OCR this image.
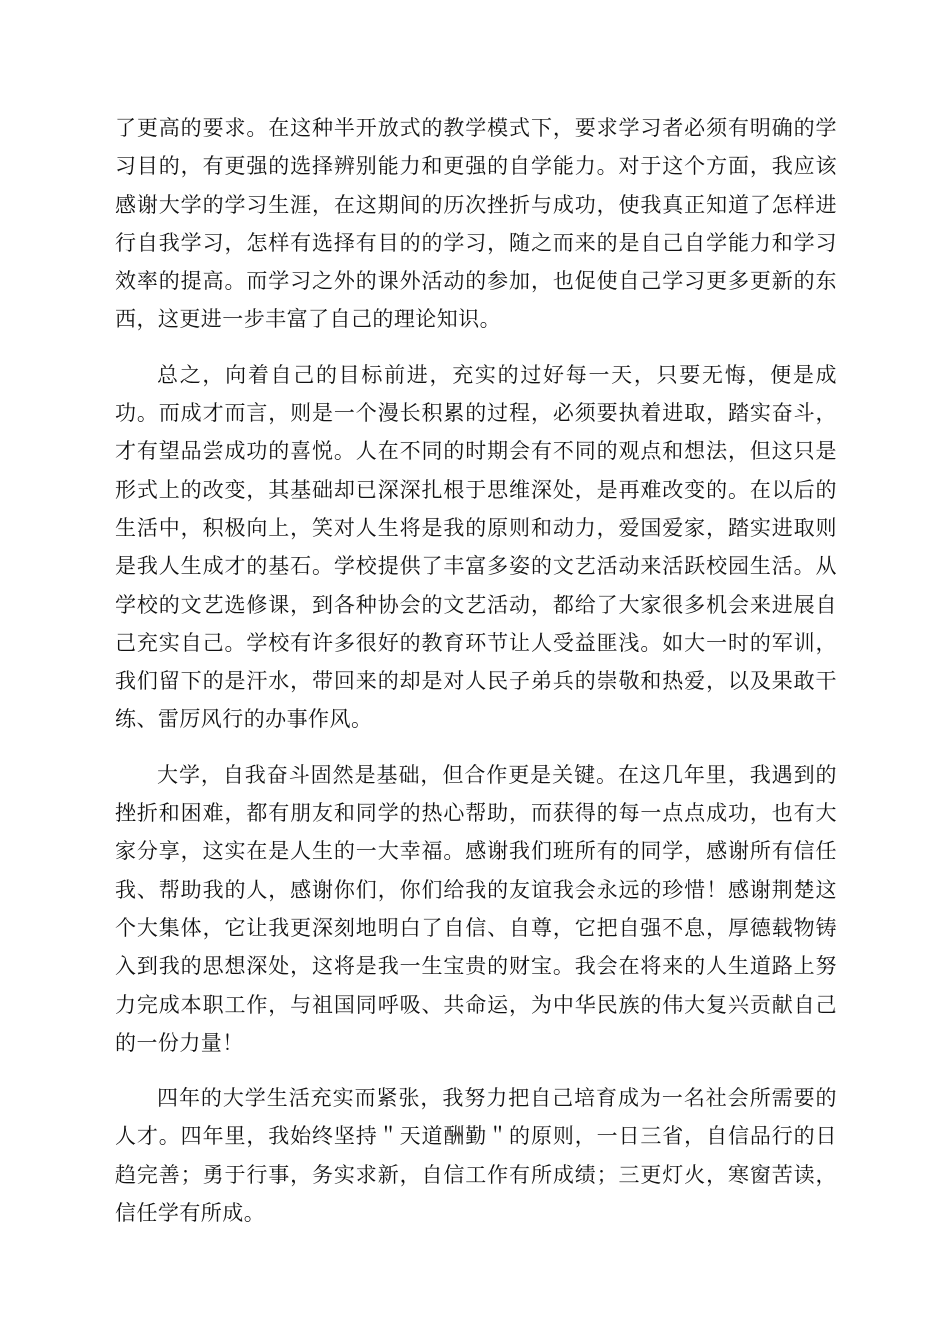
了更高的要求。在这种半开放式的教学模式下，要求学习者必须有明确的学习目的，有更强的选择辨别能力和更强的自学能力。对于这个方面，我应该感谢大学的学习生涯，在这期间的历次挫折与成功，使我真正知道了怎样进行自我学习，怎样有选择有目的的学习，随之而来的是自己自学能力和学习效率的提高。而学习之外的课外活动的参加，也促使自己学习更多更新的东西，这更进一步丰富了自己的理论知识。

总之，向着自己的目标前进，充实的过好每一天，只要无悔，便是成功。而成才而言，则是一个漫长积累的过程，必须要执着进取，踏实奋斗，才有望品尝成功的喜悦。人在不同的时期会有不同的观点和想法，但这只是形式上的改变，其基础却已深深扎根于思维深处，是再难改变的。在以后的生活中，积极向上，笑对人生将是我的原则和动力，爱国爱家，踏实进取则是我人生成才的基石。学校提供了丰富多姿的文艺活动来活跃校园生活。从学校的文艺选修课，到各种协会的文艺活动，都给了大家很多机会来进展自己充实自己。学校有许多很好的教育环节让人受益匪浅。如大一时的军训，我们留下的是汗水，带回来的却是对人民子弟兵的崇敬和热爱，以及果敢干练、雷厉风行的办事作风。

大学，自我奋斗固然是基础，但合作更是关键。在这几年里，我遇到的挫折和困难，都有朋友和同学的热心帮助，而获得的每一点点成功，也有大家分享，这实在是人生的一大幸福。感谢我们班所有的同学，感谢所有信任我、帮助我的人，感谢你们，你们给我的友谊我会永远的珍惜！感谢荆楚这个大集体，它让我更深刻地明白了自信、自尊，它把自强不息，厚德载物铸入到我的思想深处，这将是我一生宝贵的财宝。我会在将来的人生道路上努力完成本职工作，与祖国同呼吸、共命运，为中华民族的伟大复兴贡献自己的一份力量！

四年的大学生活充实而紧张，我努力把自己培育成为一名社会所需要的人才。四年里，我始终坚持＂天道酬勤＂的原则，一日三省，自信品行的日趋完善；勇于行事，务实求新，自信工作有所成绩；三更灯火，寒窗苦读，信任学有所成。
